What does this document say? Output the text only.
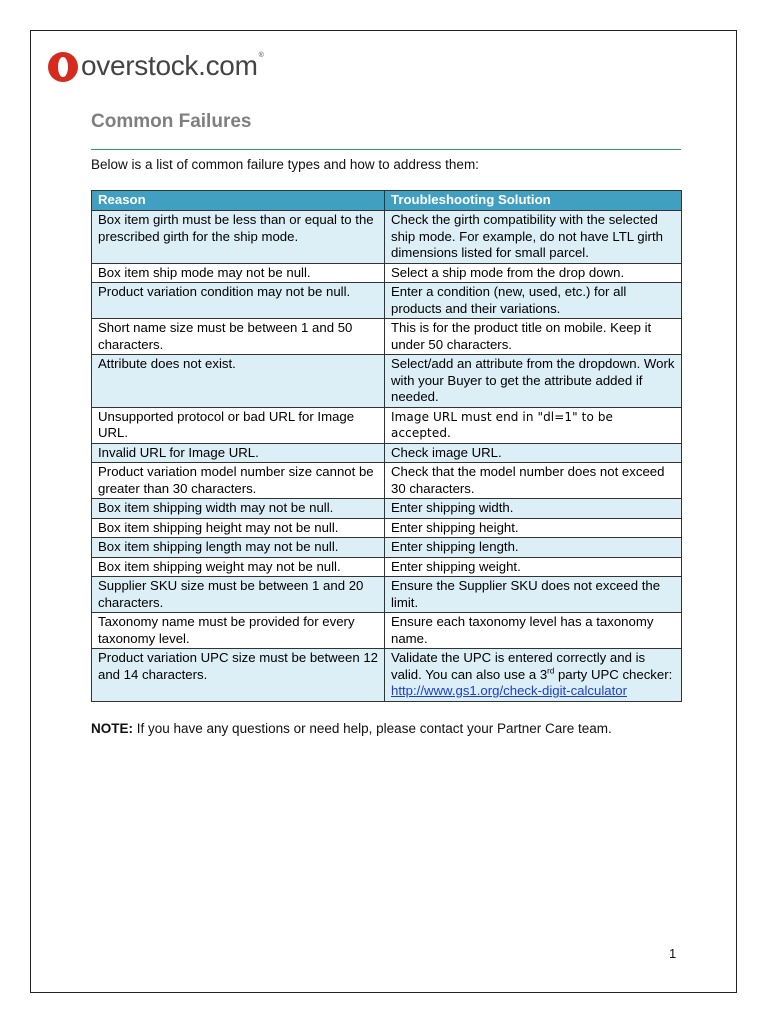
overstock.com ®
Common Failures
Below is a list of common failure types and how to address them:
Reason	Troubleshooting Solution
Box item girth must be less than or equal to the prescribed girth for the ship mode.	Check the girth compatibility with the selected ship mode. For example, do not have LTL girth dimensions listed for small parcel.
Box item ship mode may not be null.	Select a ship mode from the drop down.
Product variation condition may not be null.	Enter a condition (new, used, etc.) for all products and their variations.
Short name size must be between 1 and 50 characters.	This is for the product title on mobile. Keep it under 50 characters.
Attribute does not exist.	Select/add an attribute from the dropdown. Work with your Buyer to get the attribute added if needed.
Unsupported protocol or bad URL for Image URL.	Image URL must end in "dl=1" to be accepted.
Invalid URL for Image URL.	Check image URL.
Product variation model number size cannot be greater than 30 characters.	Check that the model number does not exceed 30 characters.
Box item shipping width may not be null.	Enter shipping width.
Box item shipping height may not be null.	Enter shipping height.
Box item shipping length may not be null.	Enter shipping length.
Box item shipping weight may not be null.	Enter shipping weight.
Supplier SKU size must be between 1 and 20 characters.	Ensure the Supplier SKU does not exceed the limit.
Taxonomy name must be provided for every taxonomy level.	Ensure each taxonomy level has a taxonomy name.
Product variation UPC size must be between 12 and 14 characters.	Validate the UPC is entered correctly and is valid. You can also use a 3rd party UPC checker: http://www.gs1.org/check-digit-calculator
NOTE: If you have any questions or need help, please contact your Partner Care team.
1
